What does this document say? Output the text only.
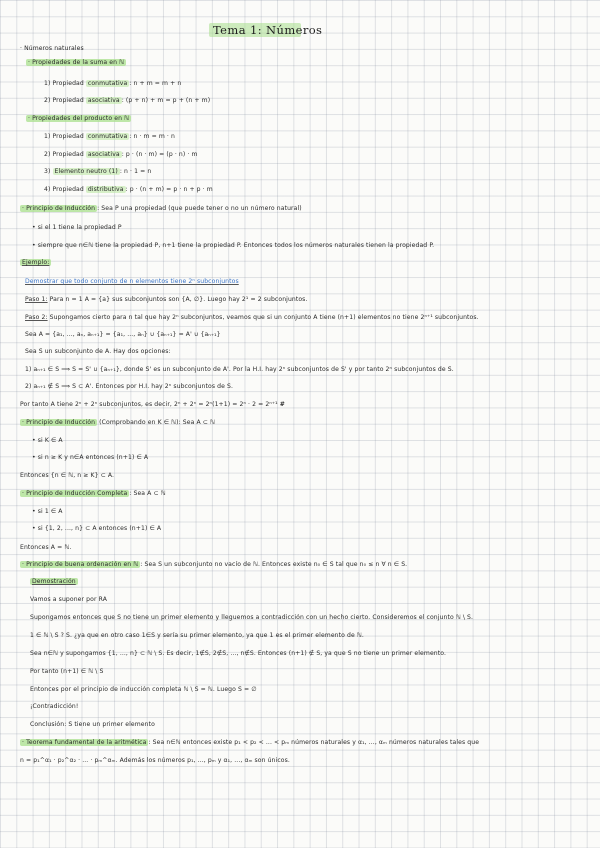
Tema 1: Números
· Números naturales
· Propiedades de la suma en ℕ
1) Propiedad conmutativa : n + m = m + n
2) Propiedad asociativa : (p + n) + m = p + (n + m)
· Propiedades del producto en ℕ
1) Propiedad conmutativa : n · m = m · n
2) Propiedad asociativa : p · (n · m) = (p · n) · m
3) Elemento neutro (1) : n · 1 = n
4) Propiedad distributiva : p · (n + m) = p · n + p · m
· Principio de Inducción : Sea P una propiedad (que puede tener o no un número natural)
• si el 1 tiene la propiedad P
• siempre que n∈ℕ tiene la propiedad P, n+1 tiene la propiedad P. Entonces todos los números naturales tienen la propiedad P.
Ejemplo:
Demostrar que todo conjunto de n elementos tiene 2ⁿ subconjuntos
Paso 1: Para n = 1 A = {a} sus subconjuntos son {A, ∅}. Luego hay 2¹ = 2 subconjuntos.
Paso 2: Supongamos cierto para n tal que hay 2ⁿ subconjuntos, veamos que si un conjunto A tiene (n+1) elementos no tiene 2ⁿ⁺¹ subconjuntos.
Sea A = {a₁, ..., aₙ, aₙ₊₁} = {a₁, ..., aₙ} ∪ {aₙ₊₁} = A' ∪ {aₙ₊₁}
Sea S un subconjunto de A. Hay dos opciones:
1) aₙ₊₁ ∈ S ⟹ S = S' ∪ {aₙ₊₁}, donde S' es un subconjunto de A'. Por la H.I. hay 2ⁿ subconjuntos de S' y por tanto 2ⁿ subconjuntos de S.
2) aₙ₊₁ ∉ S ⟹ S ⊂ A'. Entonces por H.I. hay 2ⁿ subconjuntos de S.
Por tanto A tiene 2ⁿ + 2ⁿ subconjuntos, es decir, 2ⁿ + 2ⁿ = 2ⁿ(1+1) = 2ⁿ · 2 = 2ⁿ⁺¹ #
· Principio de Inducción (Comprobando en K ∈ ℕ): Sea A ⊂ ℕ
• si K ∈ A
• si n ≥ K y n∈A entonces (n+1) ∈ A
Entonces {n ∈ ℕ, n ≥ K} ⊂ A.
· Principio de Inducción Completa : Sea A ⊂ ℕ
• si 1 ∈ A
• si {1, 2, ..., n} ⊂ A entonces (n+1) ∈ A
Entonces A = ℕ.
· Principio de buena ordenación en ℕ : Sea S un subconjunto no vacío de ℕ. Entonces existe n₀ ∈ S tal que n₀ ≤ n ∀ n ∈ S.
Demostración
Vamos a suponer por RA
Supongamos entonces que S no tiene un primer elemento y lleguemos a contradicción con un hecho cierto. Consideremos el conjunto ℕ \ S.
1 ∈ ℕ \ S ? S. ¿ya que en otro caso 1∈S y sería su primer elemento, ya que 1 es el primer elemento de ℕ.
Sea n∈ℕ y supongamos {1, ..., n} ⊂ ℕ \ S. Es decir, 1∉S, 2∉S, ..., n∉S. Entonces (n+1) ∉ S, ya que S no tiene un primer elemento.
Por tanto (n+1) ∈ ℕ \ S
Entonces por el principio de inducción completa ℕ \ S = ℕ. Luego S = ∅
¡Contradicción!
Conclusión: S tiene un primer elemento
· Teorema fundamental de la aritmética : Sea n∈ℕ entonces existe p₁ < p₂ < ... < pₘ números naturales y α₁, ..., αₘ números naturales tales que
n = p₁^α₁ · p₂^α₂ · ... · pₘ^αₘ. Además los números p₁, ..., pₘ y α₁, ..., αₘ son únicos.
